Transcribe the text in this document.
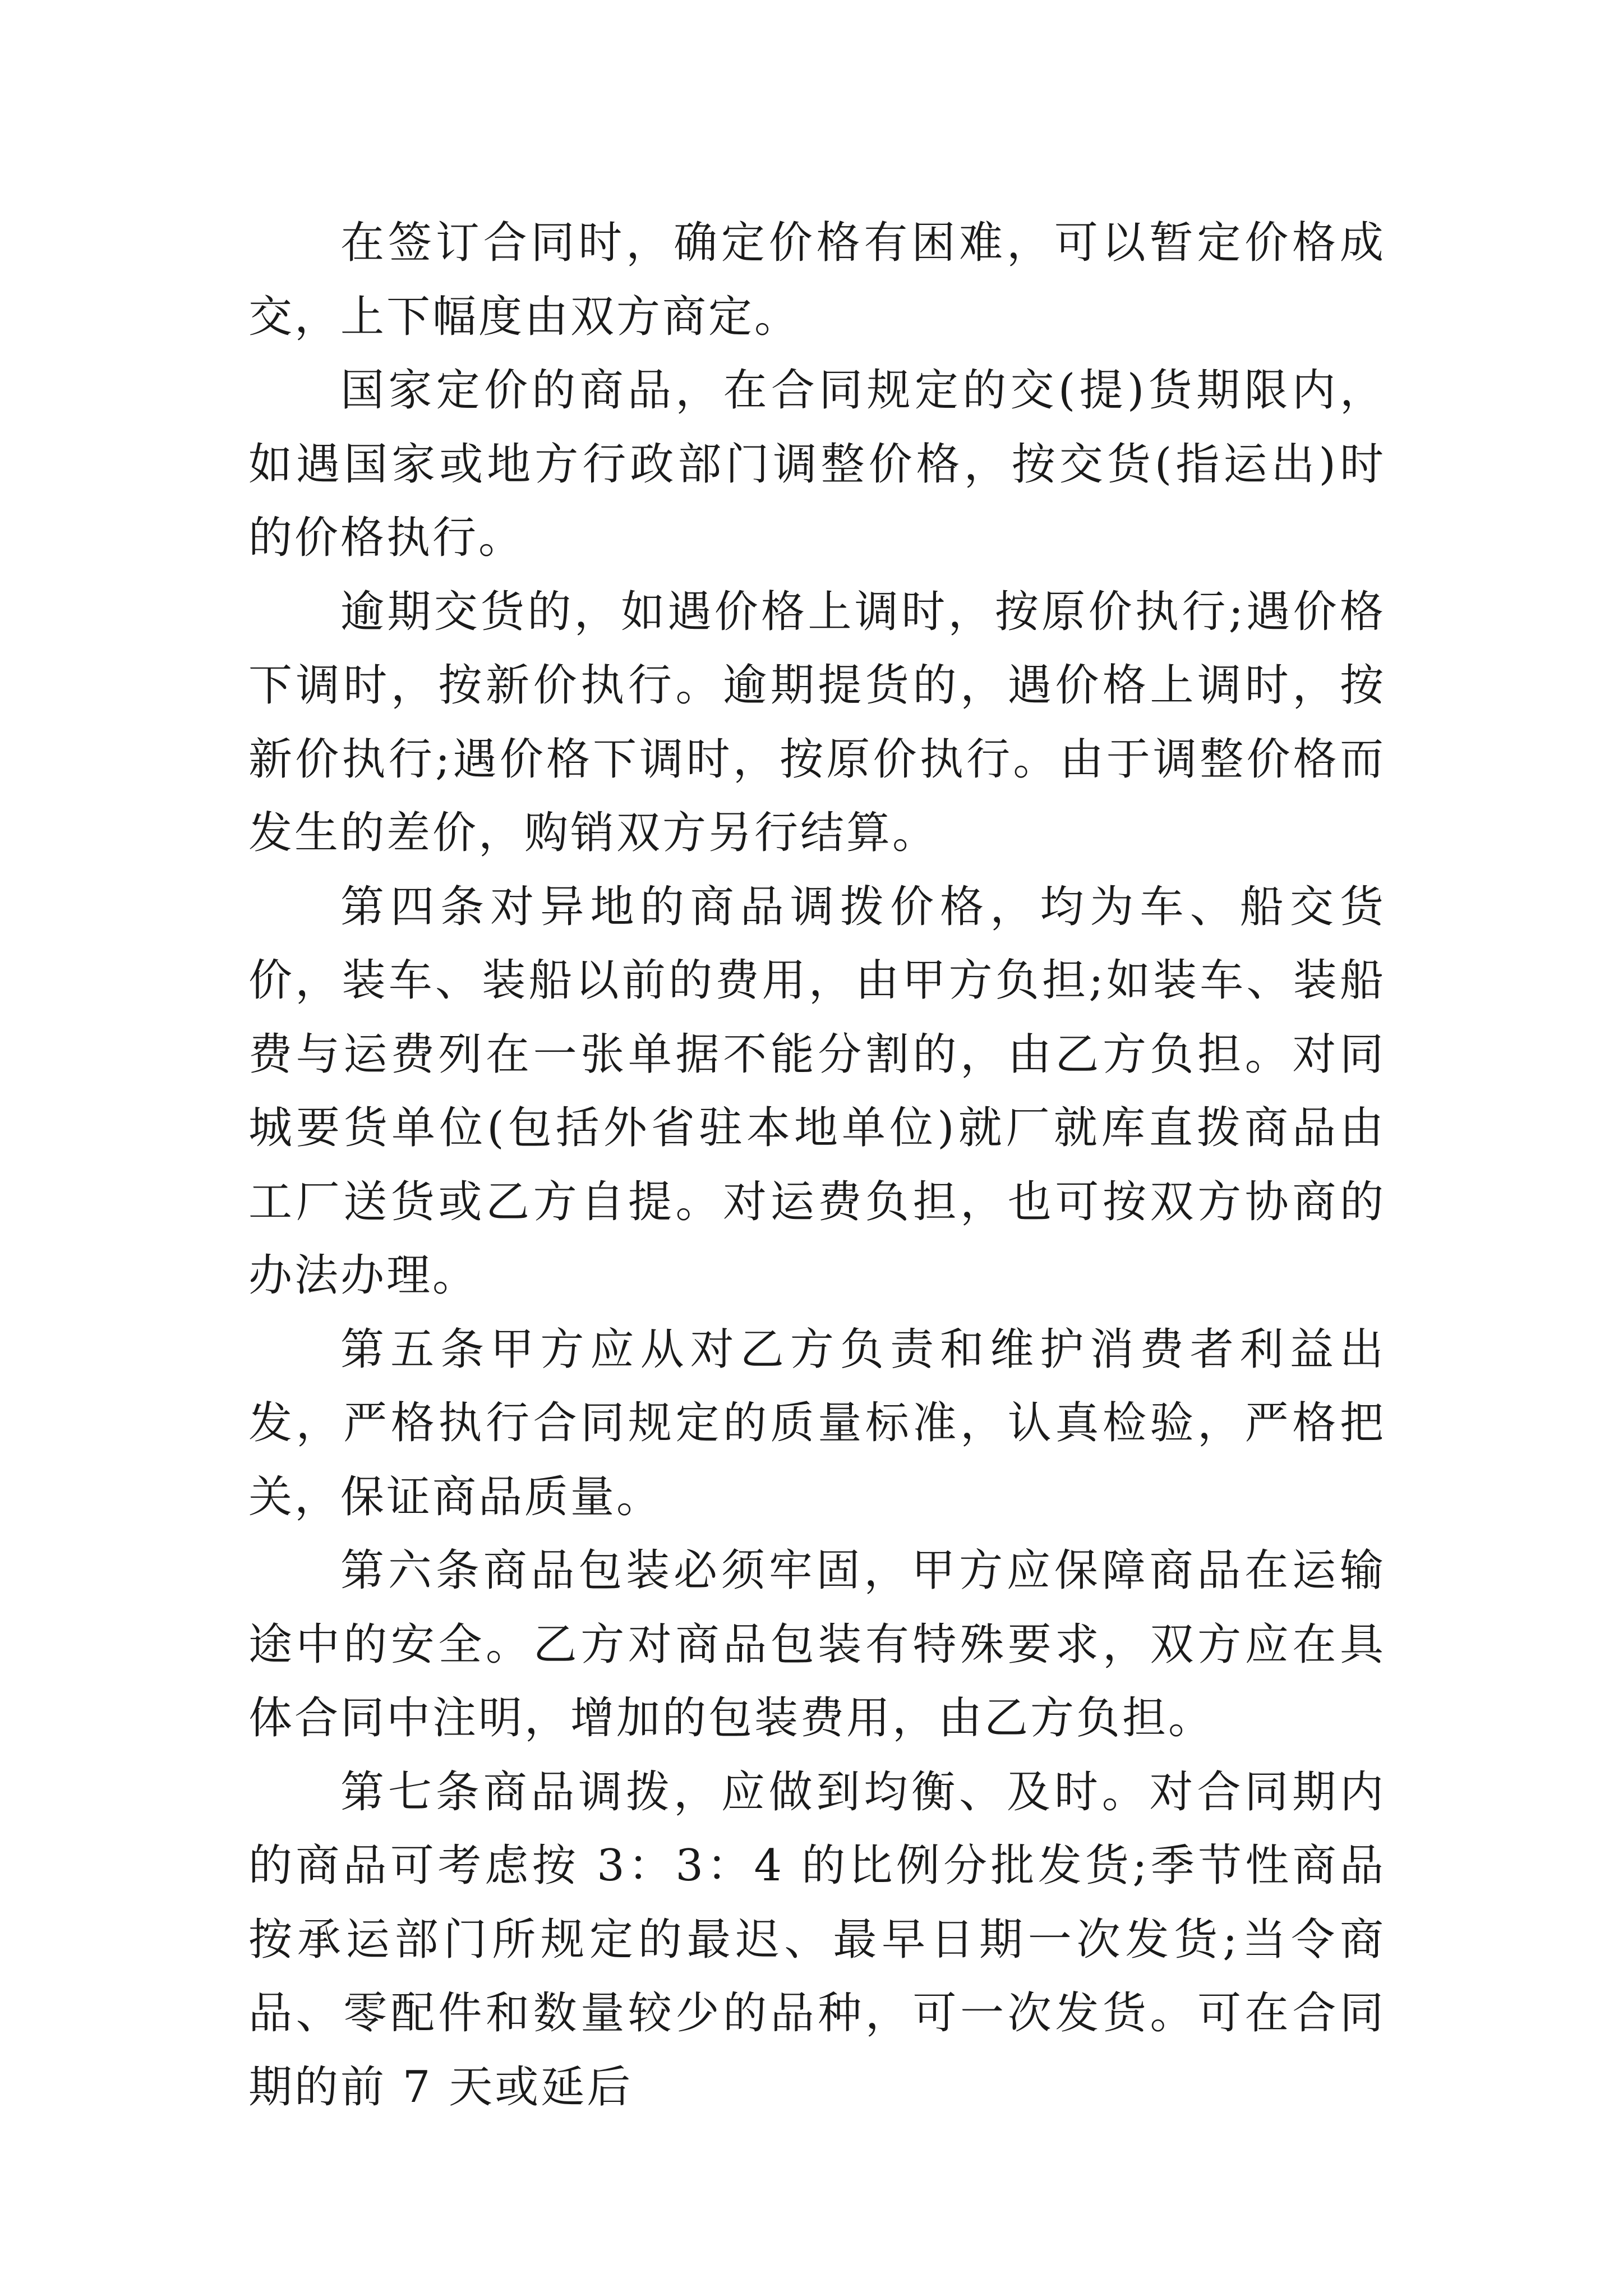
在签订合同时，确定价格有困难，可以暂定价格成交，上下幅度由双方商定。

国家定价的商品，在合同规定的交(提)货期限内，如遇国家或地方行政部门调整价格，按交货(指运出)时的价格执行。

逾期交货的，如遇价格上调时，按原价执行;遇价格下调时，按新价执行。逾期提货的，遇价格上调时，按新价执行;遇价格下调时，按原价执行。由于调整价格而发生的差价，购销双方另行结算。

第四条对异地的商品调拨价格，均为车、船交货价，装车、装船以前的费用，由甲方负担;如装车、装船费与运费列在一张单据不能分割的，由乙方负担。对同城要货单位(包括外省驻本地单位)就厂就库直拨商品由工厂送货或乙方自提。对运费负担，也可按双方协商的办法办理。

第五条甲方应从对乙方负责和维护消费者利益出发，严格执行合同规定的质量标准，认真检验，严格把关，保证商品质量。

第六条商品包装必须牢固，甲方应保障商品在运输途中的安全。乙方对商品包装有特殊要求，双方应在具体合同中注明，增加的包装费用，由乙方负担。

第七条商品调拨，应做到均衡、及时。对合同期内的商品可考虑按 3：3：4 的比例分批发货;季节性商品按承运部门所规定的最迟、最早日期一次发货;当令商品、零配件和数量较少的品种，可一次发货。可在合同期的前 7 天或延后
